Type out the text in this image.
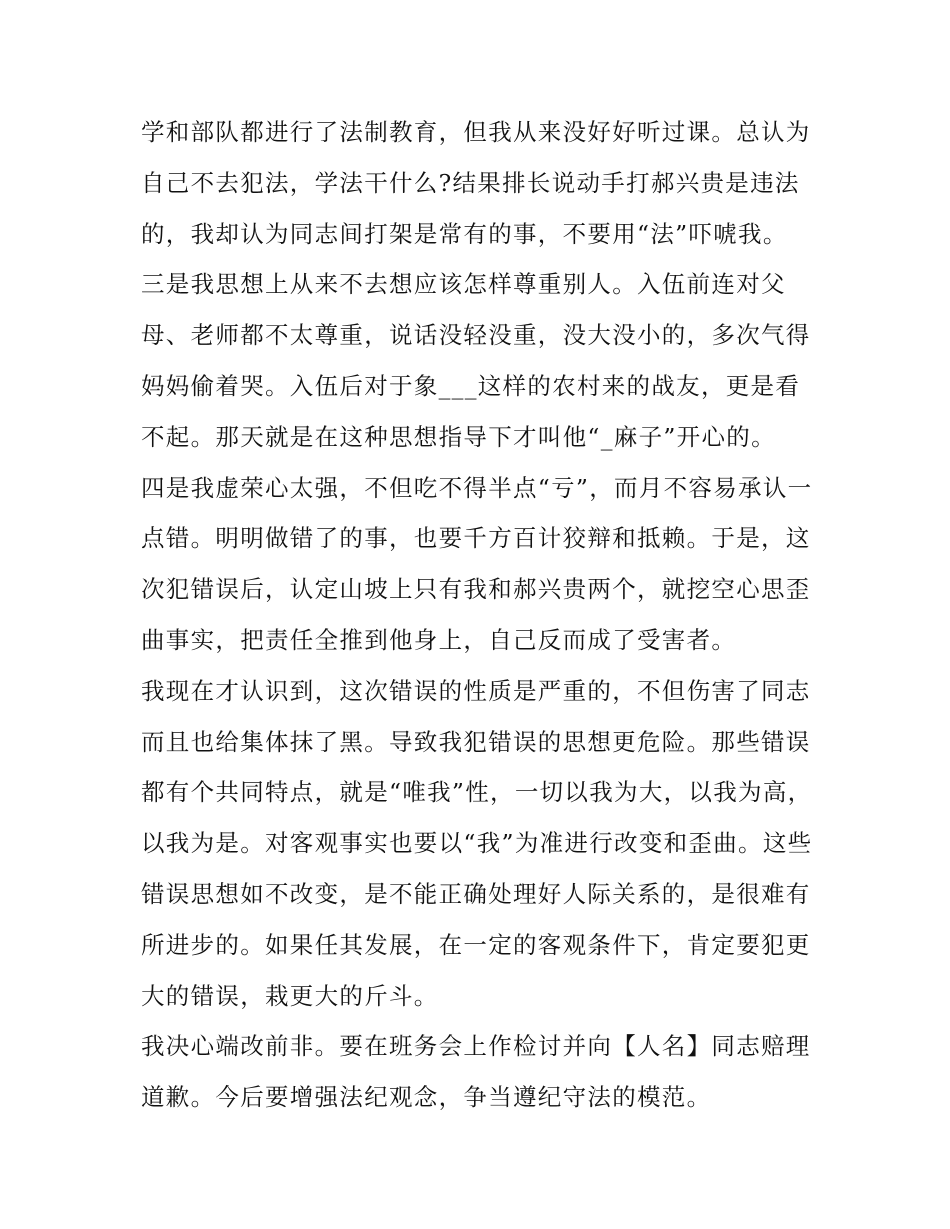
学和部队都进行了法制教育，但我从来没好好听过课。总认为
自己不去犯法，学法干什么?结果排长说动手打郝兴贵是违法
的，我却认为同志间打架是常有的事，不要用“法”吓唬我。
三是我思想上从来不去想应该怎样尊重别人。入伍前连对父
母、老师都不太尊重，说话没轻没重，没大没小的，多次气得
妈妈偷着哭。入伍后对于象___这样的农村来的战友，更是看
不起。那天就是在这种思想指导下才叫他“_麻子”开心的。
四是我虚荣心太强，不但吃不得半点“亏”，而月不容易承认一
点错。明明做错了的事，也要千方百计狡辩和抵赖。于是，这
次犯错误后，认定山坡上只有我和郝兴贵两个，就挖空心思歪
曲事实，把责任全推到他身上，自己反而成了受害者。
我现在才认识到，这次错误的性质是严重的，不但伤害了同志
而且也给集体抹了黑。导致我犯错误的思想更危险。那些错误
都有个共同特点，就是“唯我”性，一切以我为大，以我为高，
以我为是。对客观事实也要以“我”为准进行改变和歪曲。这些
错误思想如不改变，是不能正确处理好人际关系的，是很难有
所进步的。如果任其发展，在一定的客观条件下，肯定要犯更
大的错误，栽更大的斤斗。
我决心端改前非。要在班务会上作检讨并向【人名】同志赔理
道歉。今后要增强法纪观念，争当遵纪守法的模范。
